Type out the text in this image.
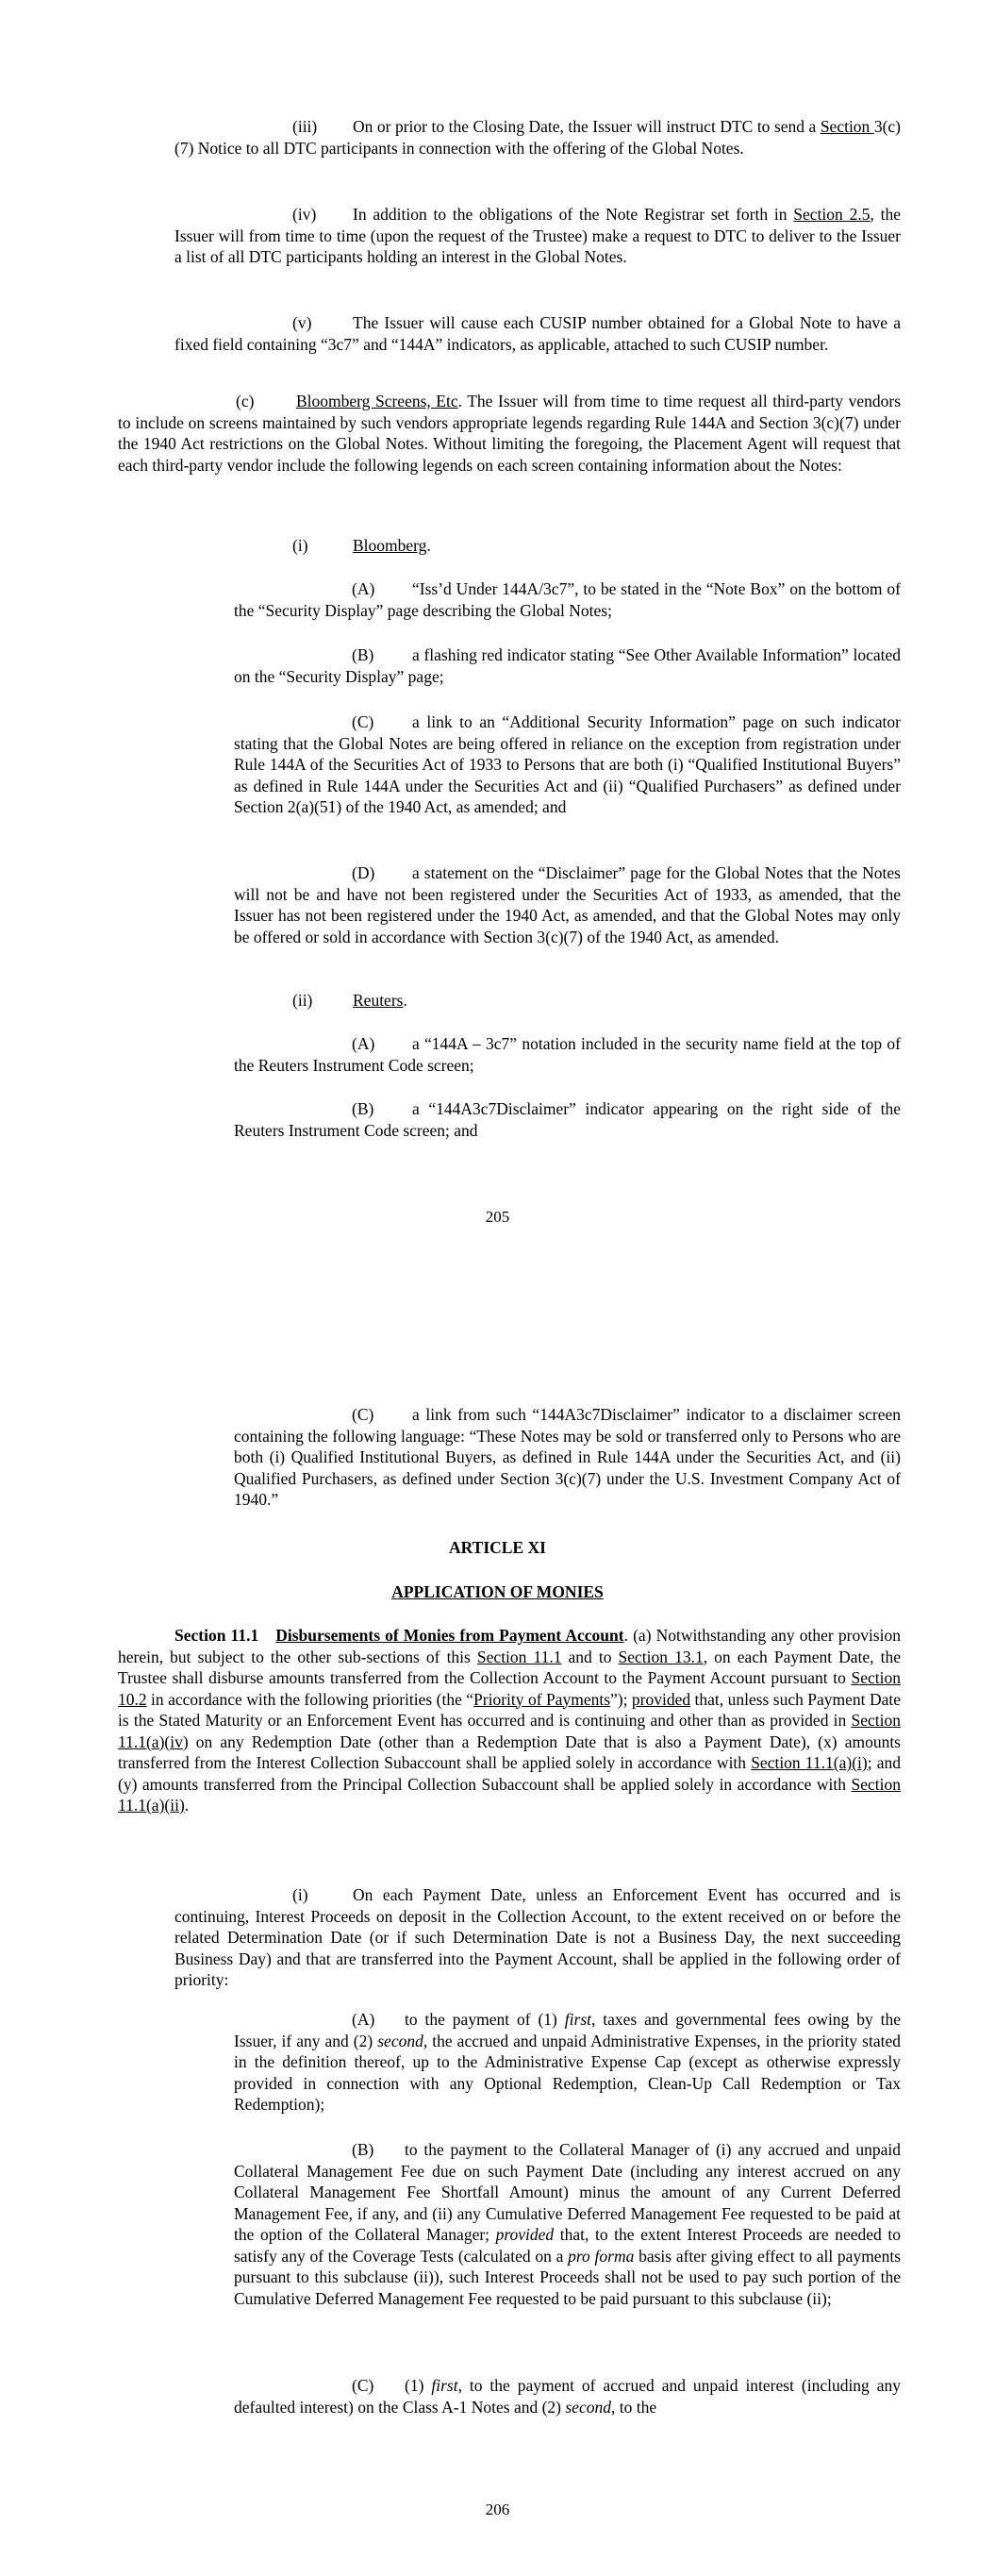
(iii) On or prior to the Closing Date, the Issuer will instruct DTC to send a Section 3(c)(7) Notice to all DTC participants in connection with the offering of the Global Notes.

(iv) In addition to the obligations of the Note Registrar set forth in Section 2.5, the Issuer will from time to time (upon the request of the Trustee) make a request to DTC to deliver to the Issuer a list of all DTC participants holding an interest in the Global Notes.

(v) The Issuer will cause each CUSIP number obtained for a Global Note to have a fixed field containing “3c7” and “144A” indicators, as applicable, attached to such CUSIP number.

(c)	Bloomberg Screens, Etc. The Issuer will from time to time request all third-party vendors to include on screens maintained by such vendors appropriate legends regarding Rule 144A and Section 3(c)(7) under the 1940 Act restrictions on the Global Notes. Without limiting the foregoing, the Placement Agent will request that each third-party vendor include the following legends on each screen containing information about the Notes:

(i)	Bloomberg.

(A) “Iss’d Under 144A/3c7”, to be stated in the “Note Box” on the bottom of the “Security Display” page describing the Global Notes;

(B) a flashing red indicator stating “See Other Available Information” located on the “Security Display” page;

(C) a link to an “Additional Security Information” page on such indicator stating that the Global Notes are being offered in reliance on the exception from registration under Rule 144A of the Securities Act of 1933 to Persons that are both (i) “Qualified Institutional Buyers” as defined in Rule 144A under the Securities Act and (ii) “Qualified Purchasers” as defined under Section 2(a)(51) of the 1940 Act, as amended; and

(D) a statement on the “Disclaimer” page for the Global Notes that the Notes will not be and have not been registered under the Securities Act of 1933, as amended, that the Issuer has not been registered under the 1940 Act, as amended, and that the Global Notes may only be offered or sold in accordance with Section 3(c)(7) of the 1940 Act, as amended.

(ii) Reuters.

(A) a “144A – 3c7” notation included in the security name field at the top of the Reuters Instrument Code screen;

(B) a “144A3c7Disclaimer” indicator appearing on the right side of the Reuters Instrument Code screen; and

205

(C) a link from such “144A3c7Disclaimer” indicator to a disclaimer screen containing the following language: “These Notes may be sold or transferred only to Persons who are both (i) Qualified Institutional Buyers, as defined in Rule 144A under the Securities Act, and (ii) Qualified Purchasers, as defined under Section 3(c)(7) under the U.S. Investment Company Act of 1940.”

ARTICLE XI

APPLICATION OF MONIES

Section 11.1 Disbursements of Monies from Payment Account. (a) Notwithstanding any other provision herein, but subject to the other sub-sections of this Section 11.1 and to Section 13.1, on each Payment Date, the Trustee shall disburse amounts transferred from the Collection Account to the Payment Account pursuant to Section 10.2 in accordance with the following priorities (the “Priority of Payments”); provided that, unless such Payment Date is the Stated Maturity or an Enforcement Event has occurred and is continuing and other than as provided in Section 11.1(a)(iv) on any Redemption Date (other than a Redemption Date that is also a Payment Date), (x) amounts transferred from the Interest Collection Subaccount shall be applied solely in accordance with Section 11.1(a)(i); and (y) amounts transferred from the Principal Collection Subaccount shall be applied solely in accordance with Section 11.1(a)(ii).

(i)	On each Payment Date, unless an Enforcement Event has occurred and is continuing, Interest Proceeds on deposit in the Collection Account, to the extent received on or before the related Determination Date (or if such Determination Date is not a Business Day, the next succeeding Business Day) and that are transferred into the Payment Account, shall be applied in the following order of priority:

(A) to the payment of (1) first, taxes and governmental fees owing by the Issuer, if any and (2) second, the accrued and unpaid Administrative Expenses, in the priority stated in the definition thereof, up to the Administrative Expense Cap (except as otherwise expressly provided in connection with any Optional Redemption, Clean-Up Call Redemption or Tax Redemption);

(B) to the payment to the Collateral Manager of (i) any accrued and unpaid Collateral Management Fee due on such Payment Date (including any interest accrued on any Collateral Management Fee Shortfall Amount) minus the amount of any Current Deferred Management Fee, if any, and (ii) any Cumulative Deferred Management Fee requested to be paid at the option of the Collateral Manager; provided that, to the extent Interest Proceeds are needed to satisfy any of the Coverage Tests (calculated on a pro forma basis after giving effect to all payments pursuant to this subclause (ii)), such Interest Proceeds shall not be used to pay such portion of the Cumulative Deferred Management Fee requested to be paid pursuant to this subclause (ii);

(C) (1) first, to the payment of accrued and unpaid interest (including any defaulted interest) on the Class A-1 Notes and (2) second, to the

206
